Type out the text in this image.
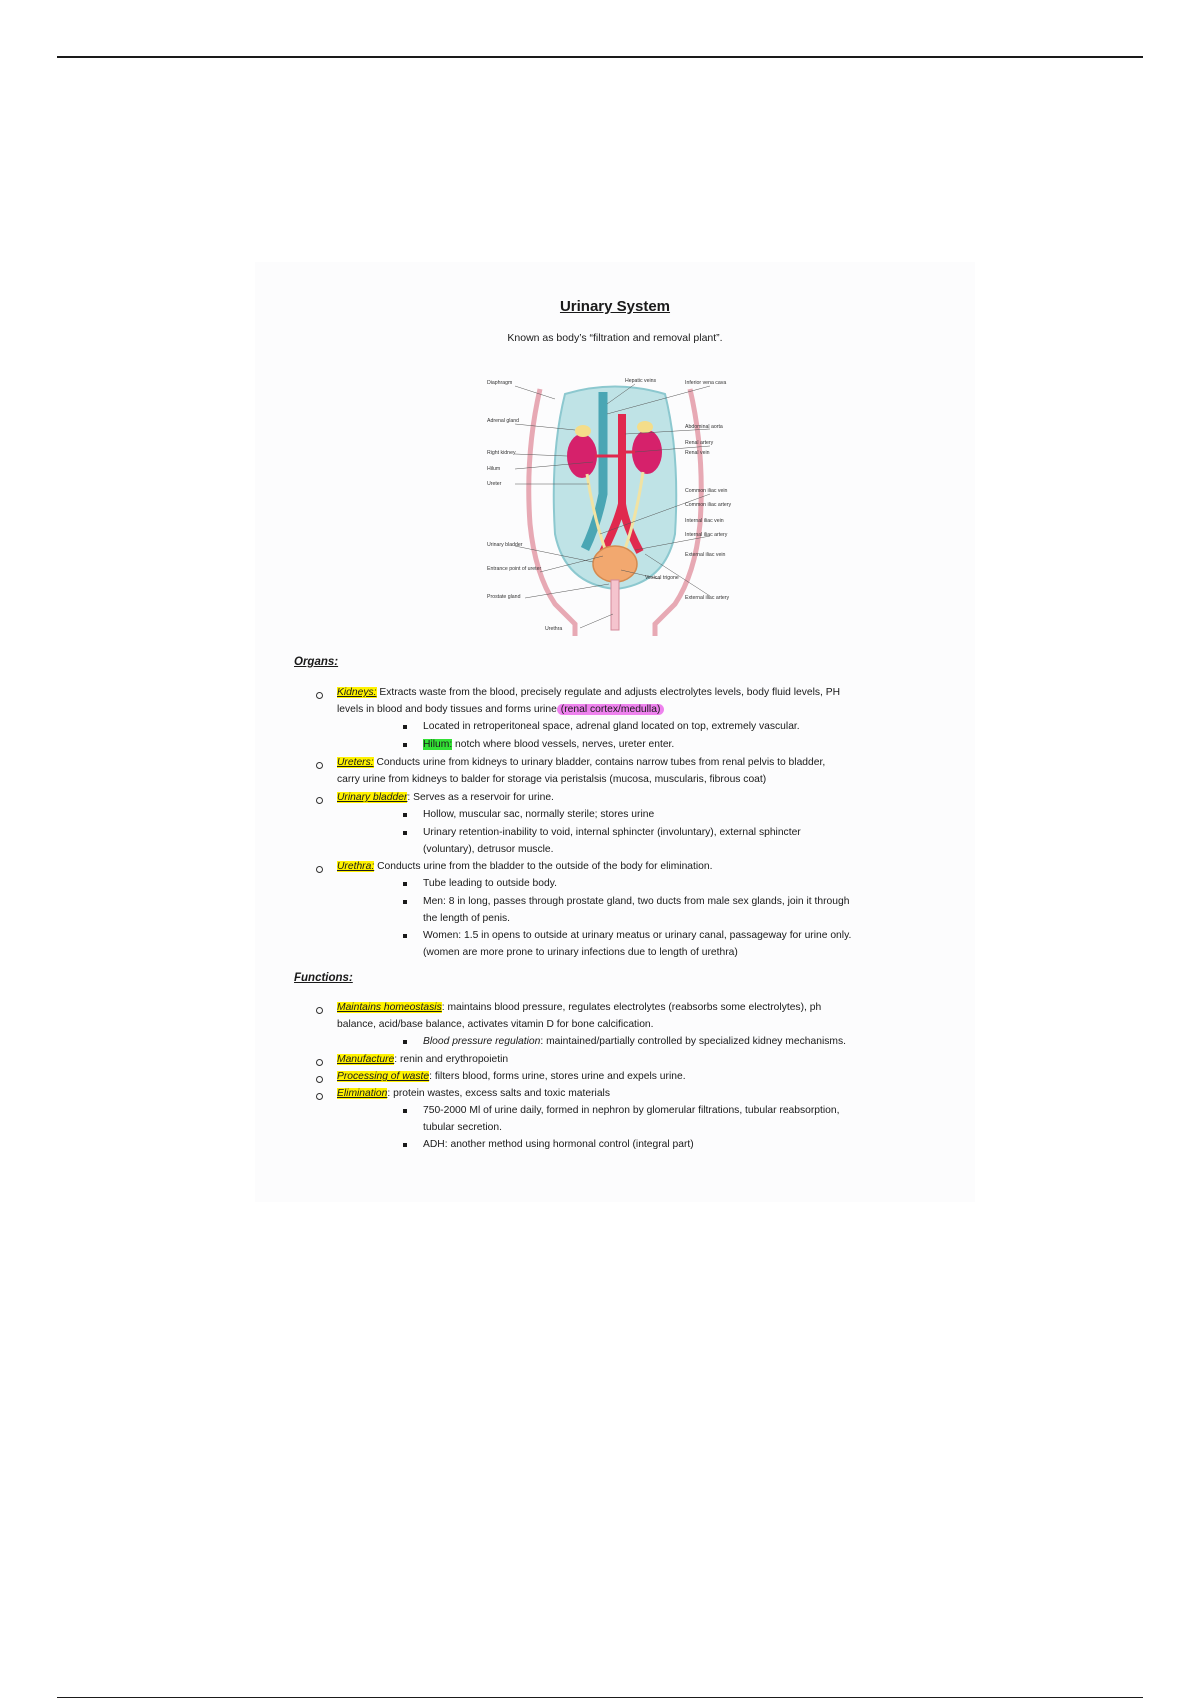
Urinary System
Known as body’s “filtration and removal plant”.
Diaphragm
Adrenal gland
Right kidney
Hilum
Ureter
Urinary bladder
Entrance point of ureter
Prostate gland
Urethra
Hepatic veins	Inferior vena cava
Abdominal aorta
Renal artery
Renal vein
Common iliac vein
Common iliac artery
Internal iliac vein
Internal iliac artery
External iliac vein
Vesical trigone
External iliac artery
Organs:
Kidneys: Extracts waste from the blood, precisely regulate and adjusts electrolytes levels, body fluid levels, PH
levels in blood and body tissues and forms urine (renal cortex/medulla)
Located in retroperitoneal space, adrenal gland located on top, extremely vascular.
Hilum: notch where blood vessels, nerves, ureter enter.
Ureters: Conducts urine from kidneys to urinary bladder, contains narrow tubes from renal pelvis to bladder,
carry urine from kidneys to balder for storage via peristalsis (mucosa, muscularis, fibrous coat)
Urinary bladder: Serves as a reservoir for urine.
Hollow, muscular sac, normally sterile; stores urine
Urinary retention-inability to void, internal sphincter (involuntary), external sphincter
(voluntary), detrusor muscle.
Urethra: Conducts urine from the bladder to the outside of the body for elimination.
Tube leading to outside body.
Men: 8 in long, passes through prostate gland, two ducts from male sex glands, join it through
the length of penis.
Women: 1.5 in opens to outside at urinary meatus or urinary canal, passageway for urine only.
(women are more prone to urinary infections due to length of urethra)
Functions:
Maintains homeostasis: maintains blood pressure, regulates electrolytes (reabsorbs some electrolytes), ph
balance, acid/base balance, activates vitamin D for bone calcification.
Blood pressure regulation: maintained/partially controlled by specialized kidney mechanisms.
Manufacture: renin and erythropoietin
Processing of waste: filters blood, forms urine, stores urine and expels urine.
Elimination: protein wastes, excess salts and toxic materials
750-2000 Ml of urine daily, formed in nephron by glomerular filtrations, tubular reabsorption,
tubular secretion.
ADH: another method using hormonal control (integral part)
